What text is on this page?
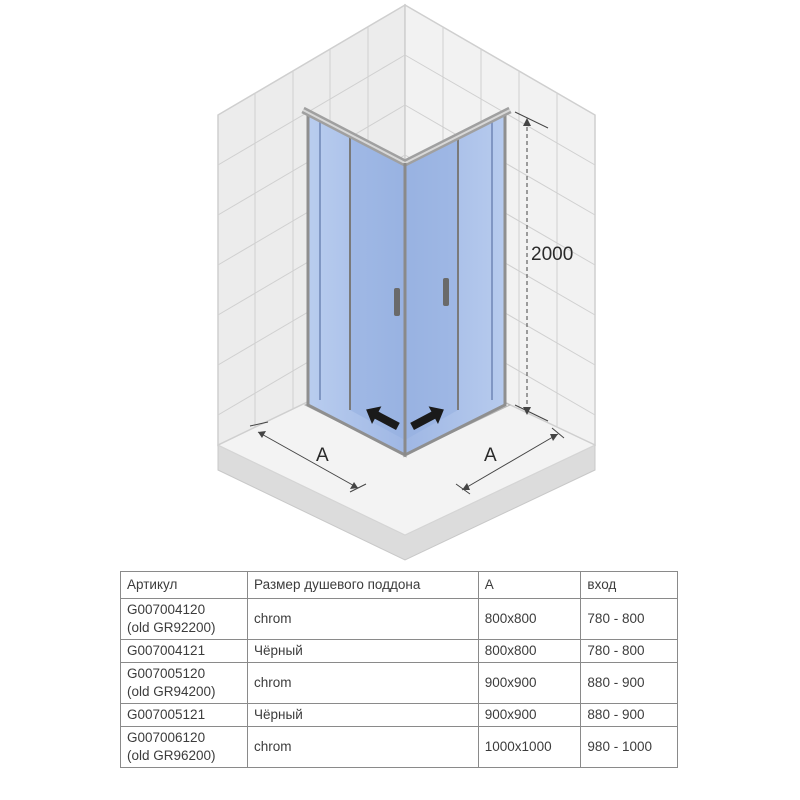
2000
A	A
Артикул	Размер душевого поддона	A	вход

G007004120
(old GR92200)	chrom	800x800	780 - 800

G007004121	Чёрный	800x800	780 - 800

G007005120
(old GR94200)	chrom	900x900	880 - 900

G007005121	Чёрный	900x900	880 - 900

G007006120
(old GR96200)	chrom	1000x1000	980 - 1000
